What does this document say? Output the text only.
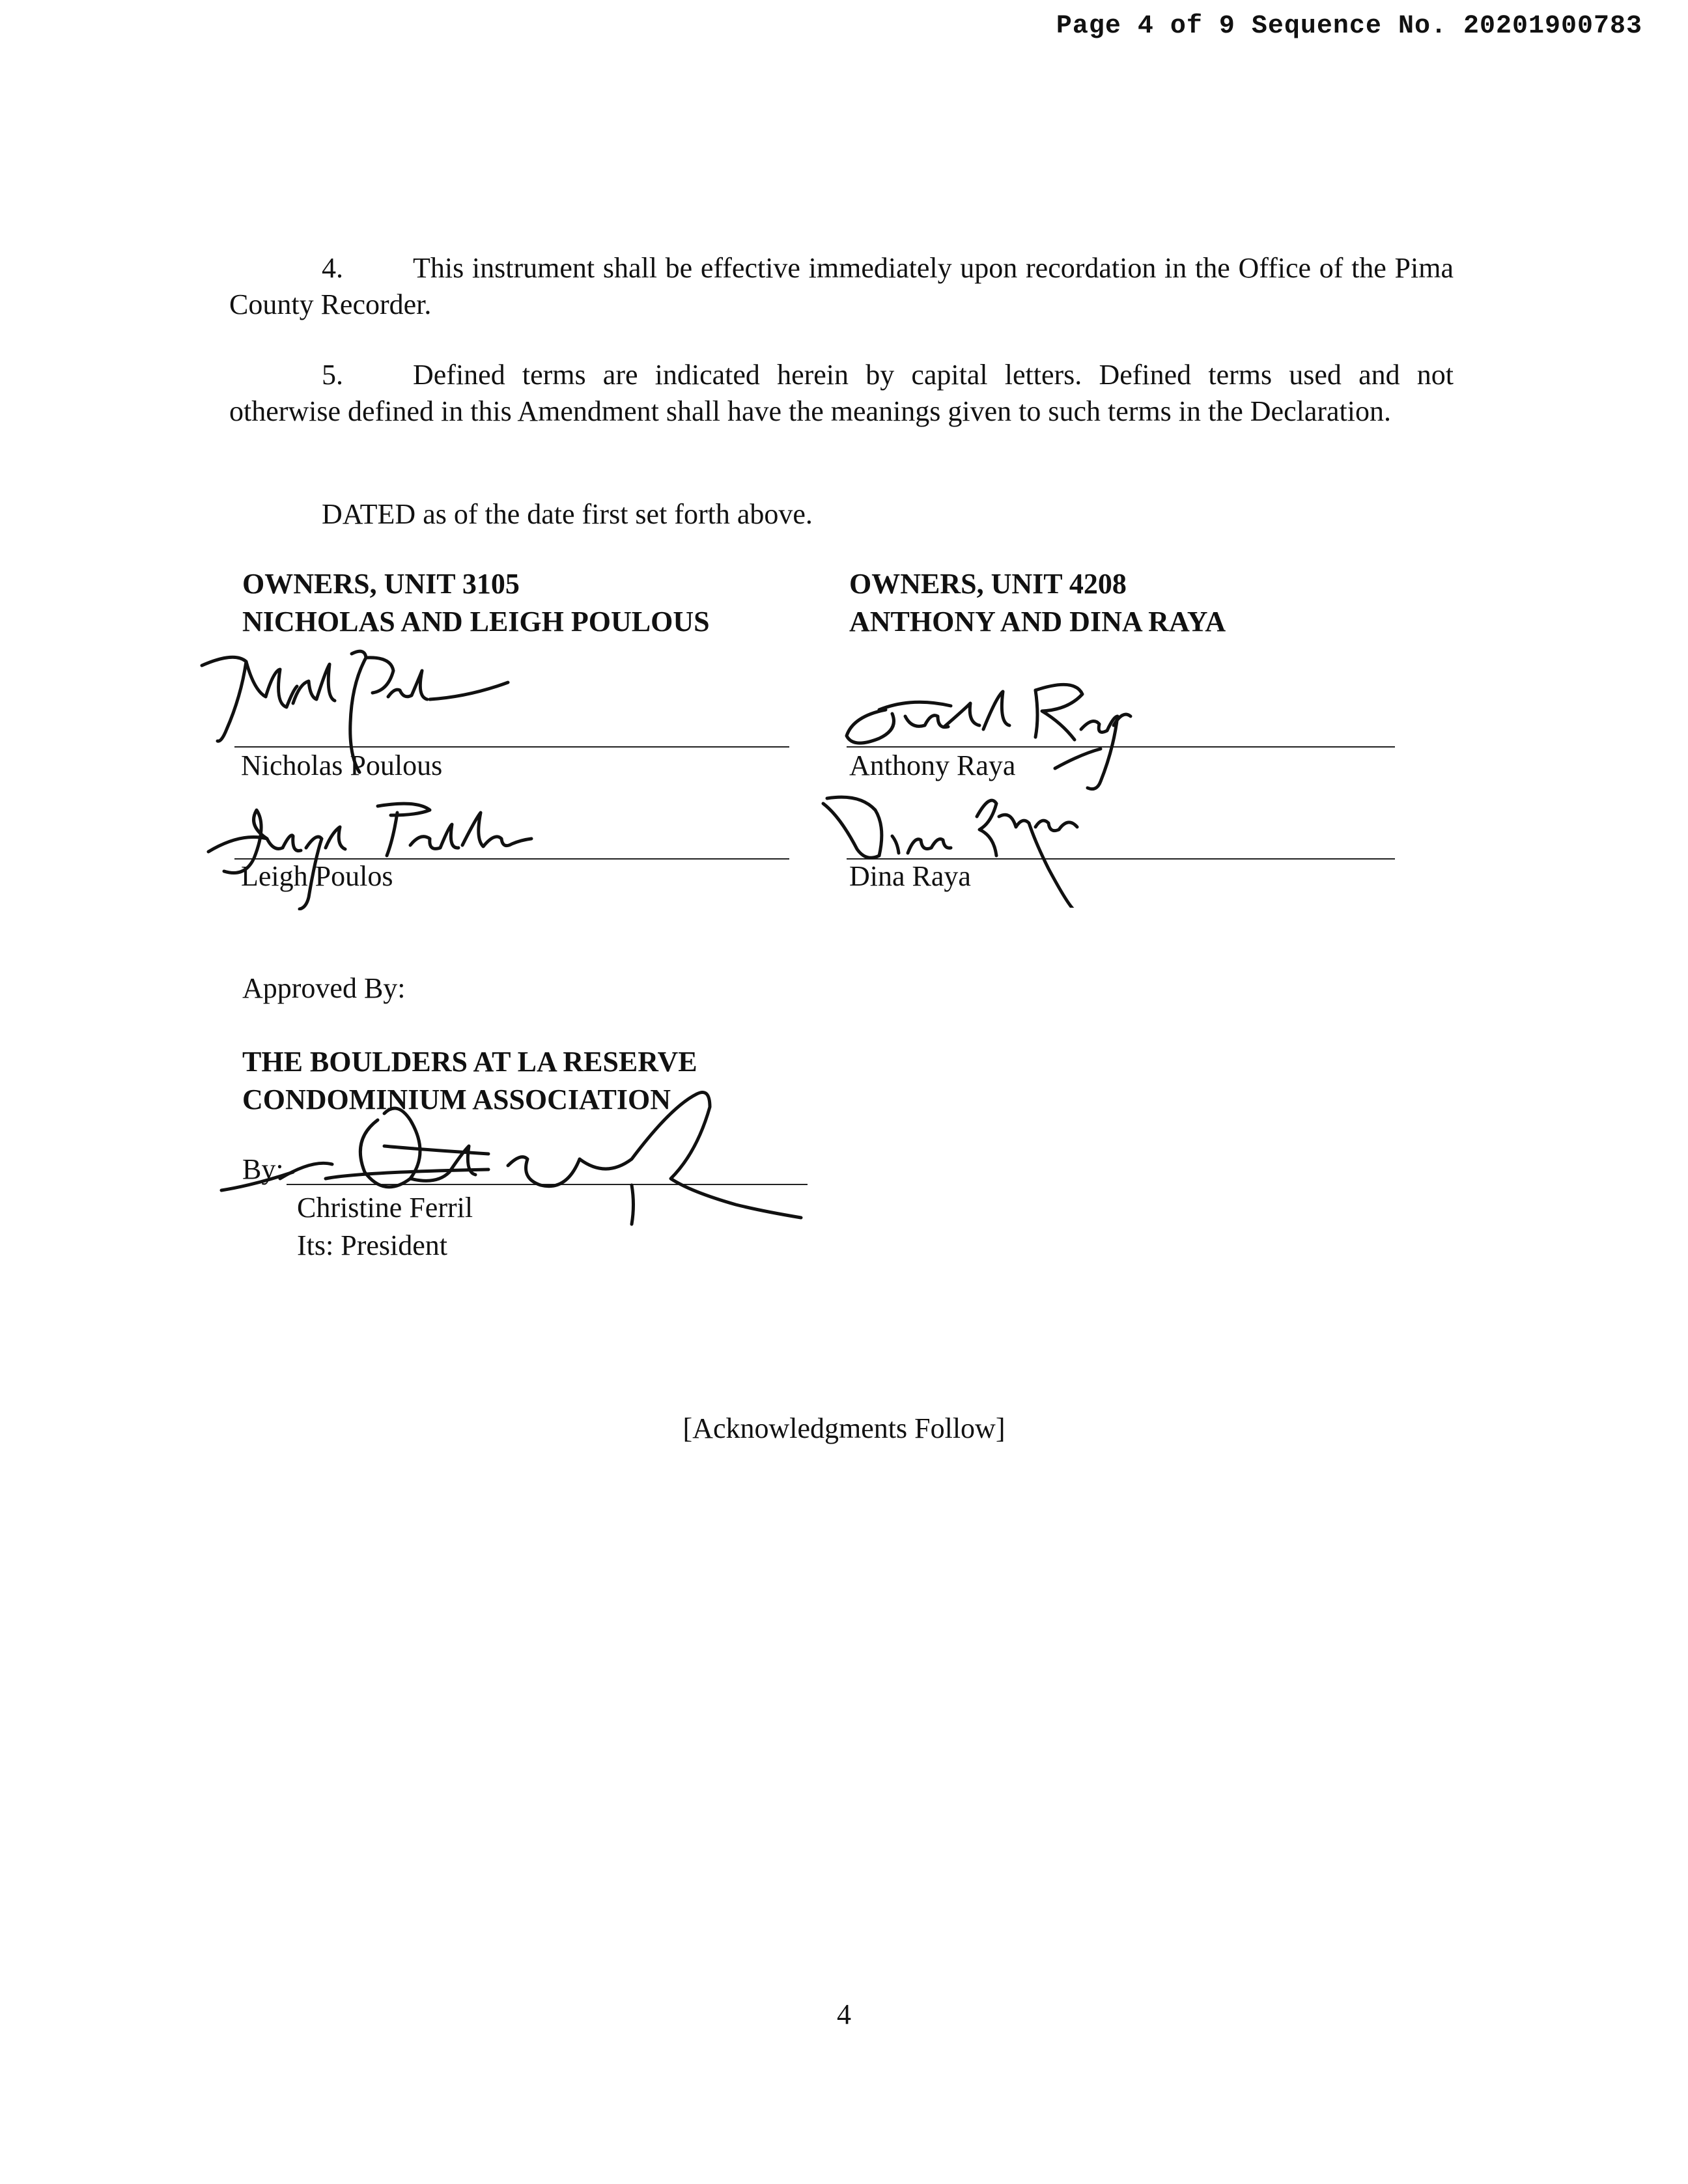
Page 4 of 9 Sequence No. 20201900783
4. This instrument shall be effective immediately upon recordation in the Office of the Pima County Recorder.
5. Defined terms are indicated herein by capital letters. Defined terms used and not otherwise defined in this Amendment shall have the meanings given to such terms in the Declaration.
DATED as of the date first set forth above.
OWNERS, UNIT 3105
NICHOLAS AND LEIGH POULOUS
OWNERS, UNIT 4208
ANTHONY AND DINA RAYA
Nicholas Poulous	Anthony Raya
Leigh Poulos	Dina Raya
Approved By:
THE BOULDERS AT LA RESERVE
CONDOMINIUM ASSOCIATION
By:
Christine Ferril
Its: President
[Acknowledgments Follow]
4
